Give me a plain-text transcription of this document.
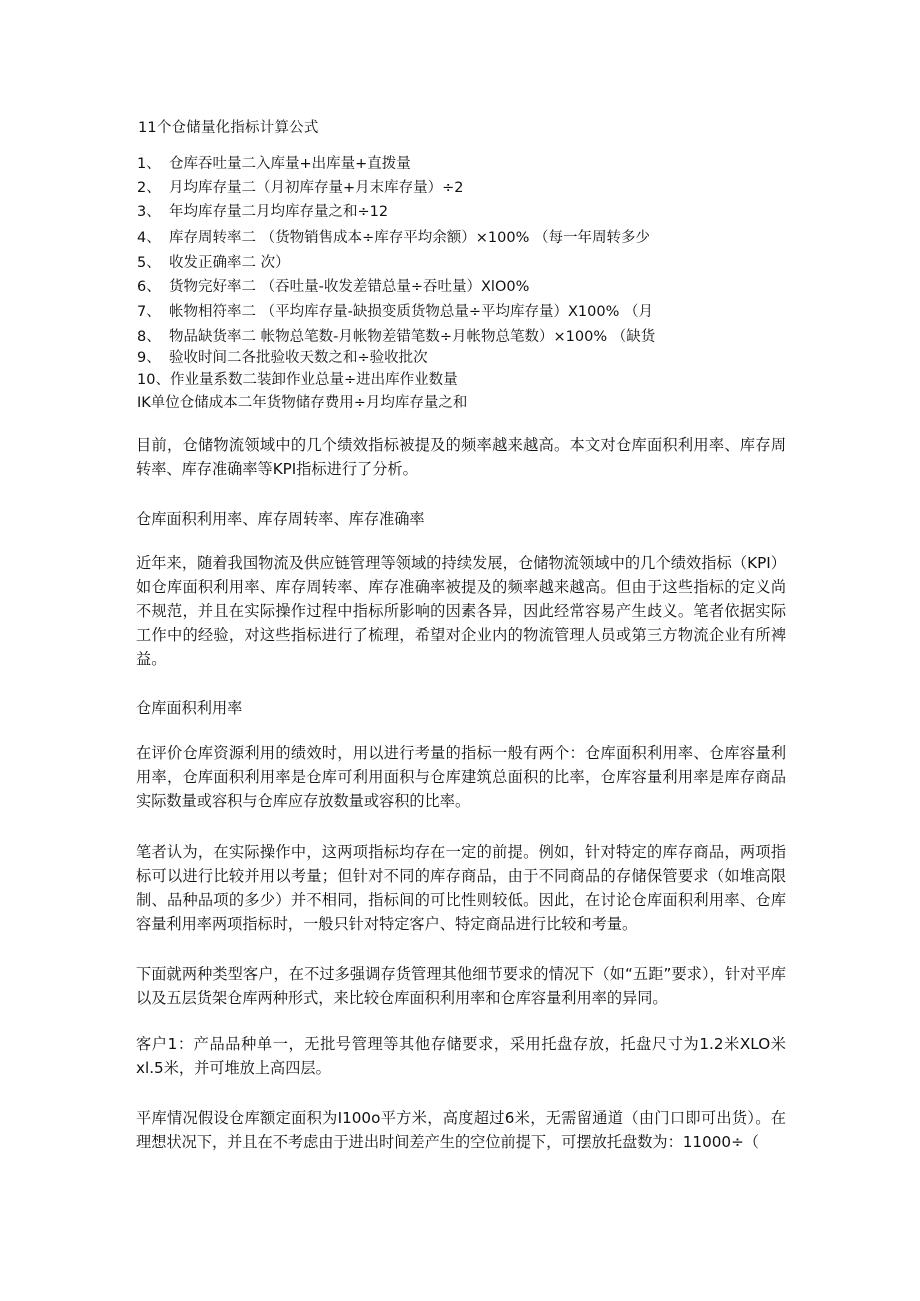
11个仓储量化指标计算公式
1、 仓库吞吐量二入库量+出库量+直拨量
2、 月均库存量二（月初库存量+月末库存量）÷2
3、 年均库存量二月均库存量之和÷12
4、 库存周转率二 （货物销售成本÷库存平均余额）×100% （每一年周转多少
5、 收发正确率二 次）
6、 货物完好率二 （吞吐量-收发差错总量÷吞吐量）XlO0%
7、 帐物相符率二 （平均库存量-缺损变质货物总量÷平均库存量）X100% （月
8、 物品缺货率二 帐物总笔数-月帐物差错笔数÷月帐物总笔数）×100% （缺货
9、 验收时间二各批验收天数之和÷验收批次
10、作业量系数二装卸作业总量÷进出库作业数量
IK单位仓储成本二年货物储存费用÷月均库存量之和
目前，仓储物流领域中的几个绩效指标被提及的频率越来越高。本文对仓库面积利用率、库存周转率、库存准确率等KPI指标进行了分析。
仓库面积利用率、库存周转率、库存准确率
近年来，随着我国物流及供应链管理等领域的持续发展，仓储物流领域中的几个绩效指标（KPI）如仓库面积利用率、库存周转率、库存准确率被提及的频率越来越高。但由于这些指标的定义尚不规范，并且在实际操作过程中指标所影响的因素各异，因此经常容易产生歧义。笔者依据实际工作中的经验，对这些指标进行了梳理，希望对企业内的物流管理人员或第三方物流企业有所裨益。
仓库面积利用率
在评价仓库资源利用的绩效时，用以进行考量的指标一般有两个：仓库面积利用率、仓库容量利用率，仓库面积利用率是仓库可利用面积与仓库建筑总面积的比率，仓库容量利用率是库存商品实际数量或容积与仓库应存放数量或容积的比率。
笔者认为，在实际操作中，这两项指标均存在一定的前提。例如，针对特定的库存商品，两项指标可以进行比较并用以考量；但针对不同的库存商品，由于不同商品的存储保管要求（如堆高限制、品种品项的多少）并不相同，指标间的可比性则较低。因此，在讨论仓库面积利用率、仓库容量利用率两项指标时，一般只针对特定客户、特定商品进行比较和考量。
下面就两种类型客户，在不过多强调存货管理其他细节要求的情况下（如“五距”要求），针对平库以及五层货架仓库两种形式，来比较仓库面积利用率和仓库容量利用率的异同。
客户1：产品品种单一，无批号管理等其他存储要求，采用托盘存放，托盘尺寸为1.2米XLO米xl.5米，并可堆放上高四层。
平库情况假设仓库额定面积为I100o平方米，高度超过6米，无需留通道（由门口即可出货）。在理想状况下，并且在不考虑由于进出时间差产生的空位前提下，可摆放托盘数为：11000÷（
